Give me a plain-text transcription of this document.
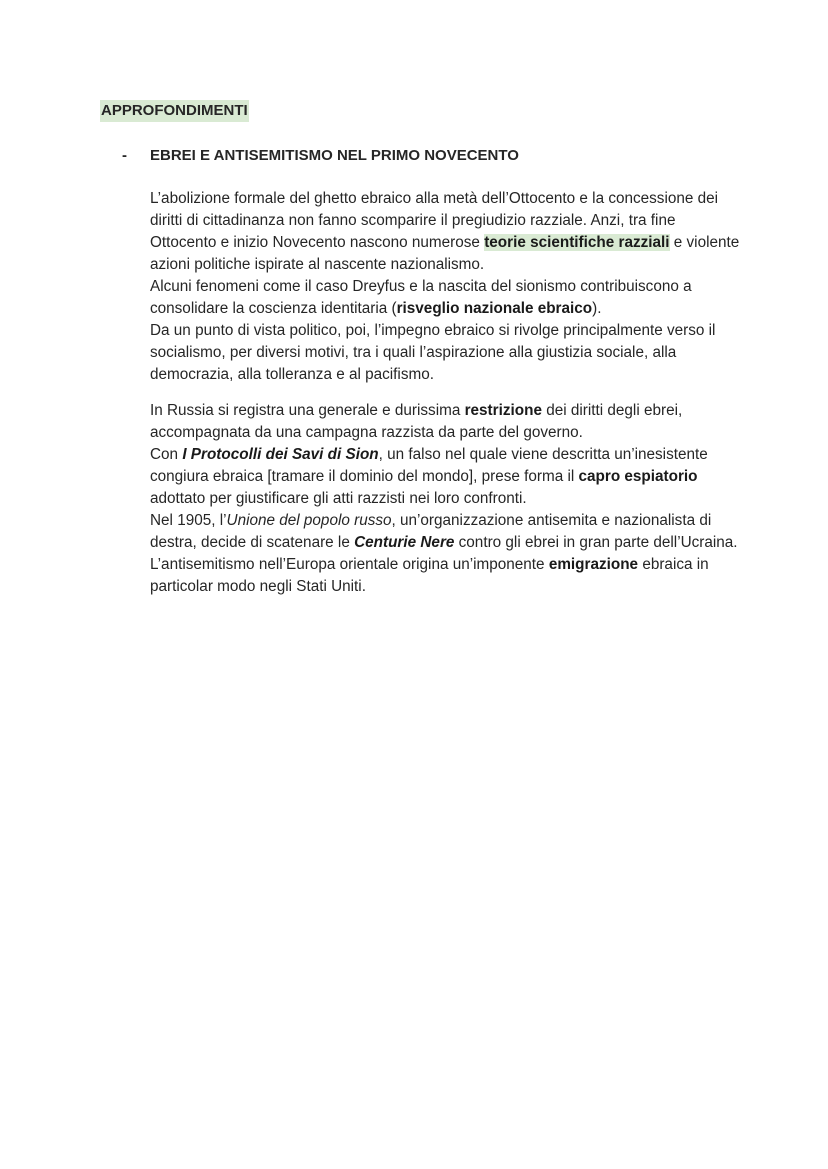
APPROFONDIMENTI
- EBREI E ANTISEMITISMO NEL PRIMO NOVECENTO

L’abolizione formale del ghetto ebraico alla metà dell’Ottocento e la concessione dei diritti di cittadinanza non fanno scomparire il pregiudizio razziale. Anzi, tra fine Ottocento e inizio Novecento nascono numerose teorie scientifiche razziali e violente azioni politiche ispirate al nascente nazionalismo.

Alcuni fenomeni come il caso Dreyfus e la nascita del sionismo contribuiscono a consolidare la coscienza identitaria (risveglio nazionale ebraico).

Da un punto di vista politico, poi, l’impegno ebraico si rivolge principalmente verso il socialismo, per diversi motivi, tra i quali l’aspirazione alla giustizia sociale, alla democrazia, alla tolleranza e al pacifismo.

In Russia si registra una generale e durissima restrizione dei diritti degli ebrei, accompagnata da una campagna razzista da parte del governo.

Con I Protocolli dei Savi di Sion, un falso nel quale viene descritta un’inesistente congiura ebraica [tramare il dominio del mondo], prese forma il capro espiatorio adottato per giustificare gli atti razzisti nei loro confronti.

Nel 1905, l’Unione del popolo russo, un’organizzazione antisemita e nazionalista di destra, decide di scatenare le Centurie Nere contro gli ebrei in gran parte dell’Ucraina. L’antisemitismo nell’Europa orientale origina un’imponente emigrazione ebraica in particolar modo negli Stati Uniti.
